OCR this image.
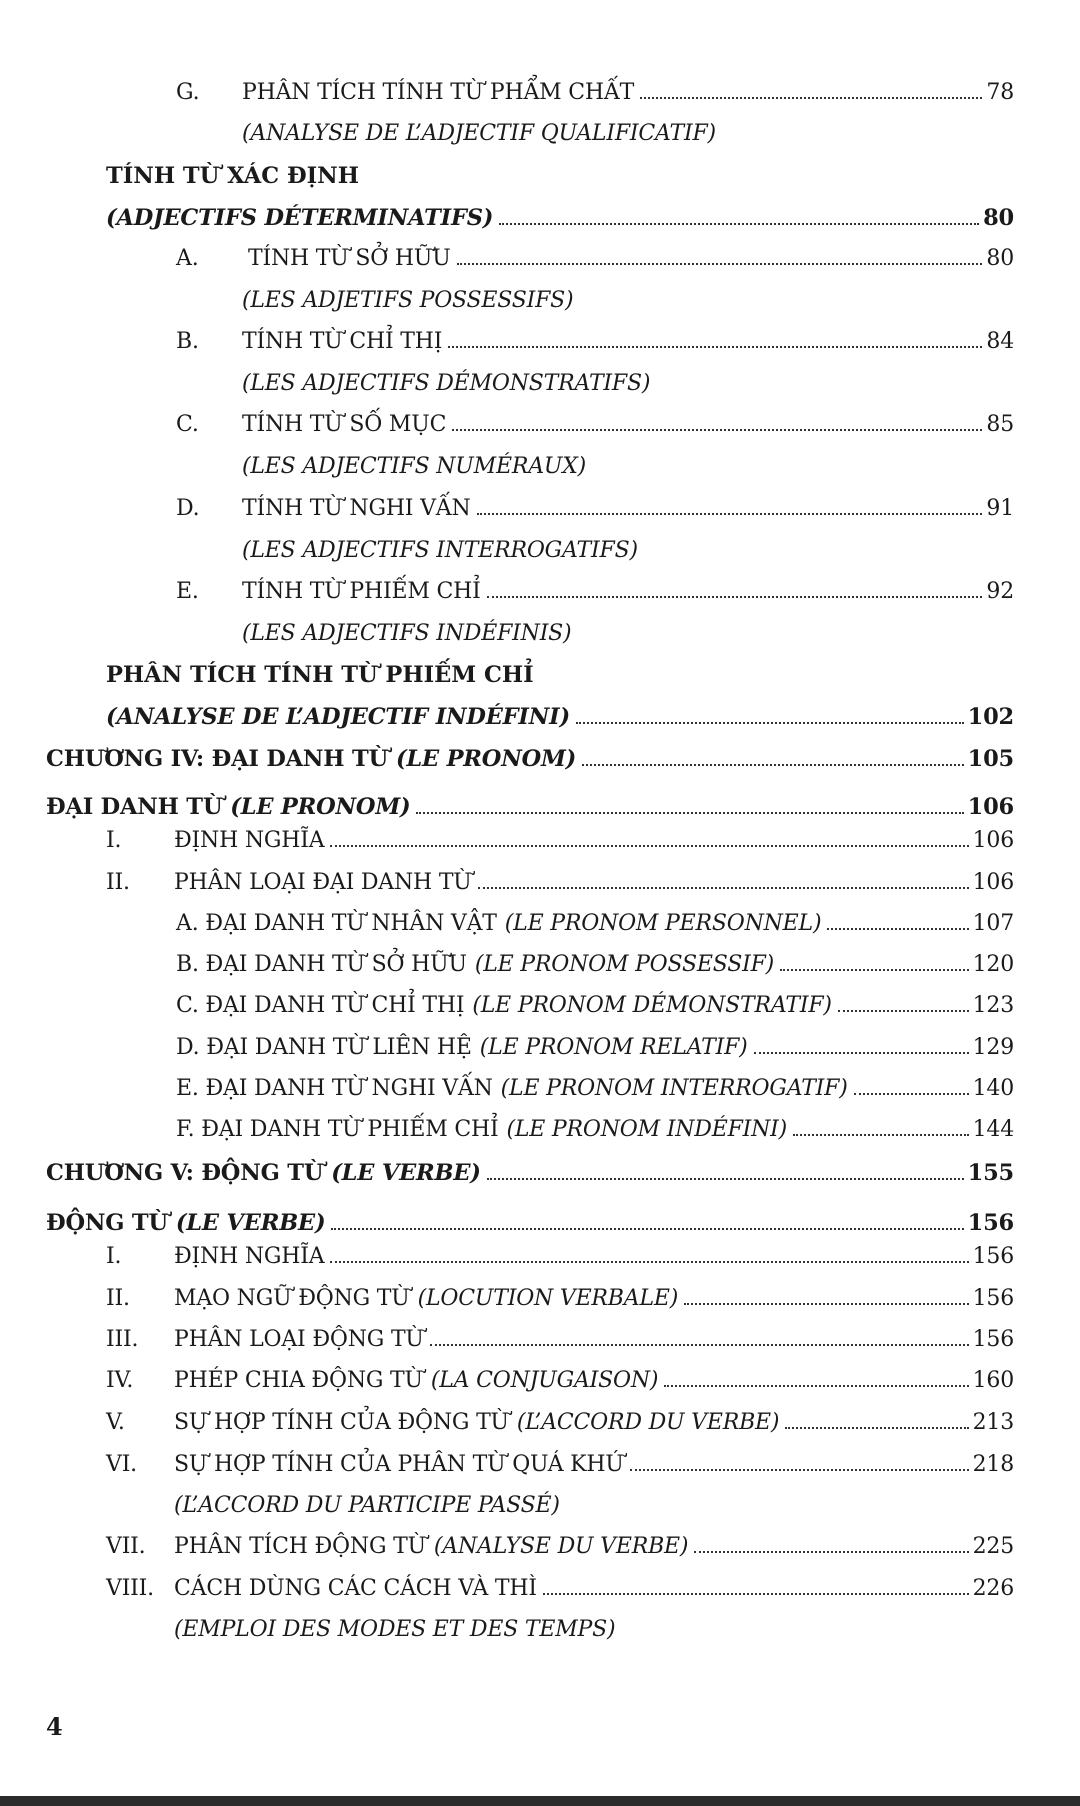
G.	PHÂN TÍCH TÍNH TỪ PHẨM CHẤT	78
(ANALYSE DE L’ADJECTIF QUALIFICATIF)
TÍNH TỪ XÁC ĐỊNH
(ADJECTIFS DÉTERMINATIFS)	80
A.	TÍNH TỪ SỞ HỮU	80
(LES ADJETIFS POSSESSIFS)
B.	TÍNH TỪ CHỈ THỊ	84
(LES ADJECTIFS DÉMONSTRATIFS)
C.	TÍNH TỪ SỐ MỤC	85
(LES ADJECTIFS NUMÉRAUX)
D.	TÍNH TỪ NGHI VẤN	91
(LES ADJECTIFS INTERROGATIFS)
E.	TÍNH TỪ PHIẾM CHỈ	92
(LES ADJECTIFS INDÉFINIS)
PHÂN TÍCH TÍNH TỪ PHIẾM CHỈ
(ANALYSE DE L’ADJECTIF INDÉFINI)	102
CHƯƠNG IV: ĐẠI DANH TỪ (LE PRONOM)	105
ĐẠI DANH TỪ (LE PRONOM)	106
I.	ĐỊNH NGHĨA	106
II.	PHÂN LOẠI ĐẠI DANH TỪ	106
A. ĐẠI DANH TỪ NHÂN VẬT (LE PRONOM PERSONNEL)	107
B. ĐẠI DANH TỪ SỞ HỮU (LE PRONOM POSSESSIF)	120
C. ĐẠI DANH TỪ CHỈ THỊ (LE PRONOM DÉMONSTRATIF)	123
D. ĐẠI DANH TỪ LIÊN HỆ (LE PRONOM RELATIF)	129
E. ĐẠI DANH TỪ NGHI VẤN (LE PRONOM INTERROGATIF)	140
F. ĐẠI DANH TỪ PHIẾM CHỈ (LE PRONOM INDÉFINI)	144
CHƯƠNG V: ĐỘNG TỪ (LE VERBE)	155
ĐỘNG TỪ (LE VERBE)	156
I.	ĐỊNH NGHĨA	156
II.	MẠO NGỮ ĐỘNG TỪ (LOCUTION VERBALE)	156
III.	PHÂN LOẠI ĐỘNG TỪ	156
IV.	PHÉP CHIA ĐỘNG TỪ (LA CONJUGAISON)	160
V.	SỰ HỢP TÍNH CỦA ĐỘNG TỪ (L’ACCORD DU VERBE)	213
VI.	SỰ HỢP TÍNH CỦA PHÂN TỪ QUÁ KHỨ	218
(L’ACCORD DU PARTICIPE PASSÉ)
VII.	PHÂN TÍCH ĐỘNG TỪ (ANALYSE DU VERBE)	225
VIII. CÁCH DÙNG CÁC CÁCH VÀ THÌ	226
(EMPLOI DES MODES ET DES TEMPS)
4
